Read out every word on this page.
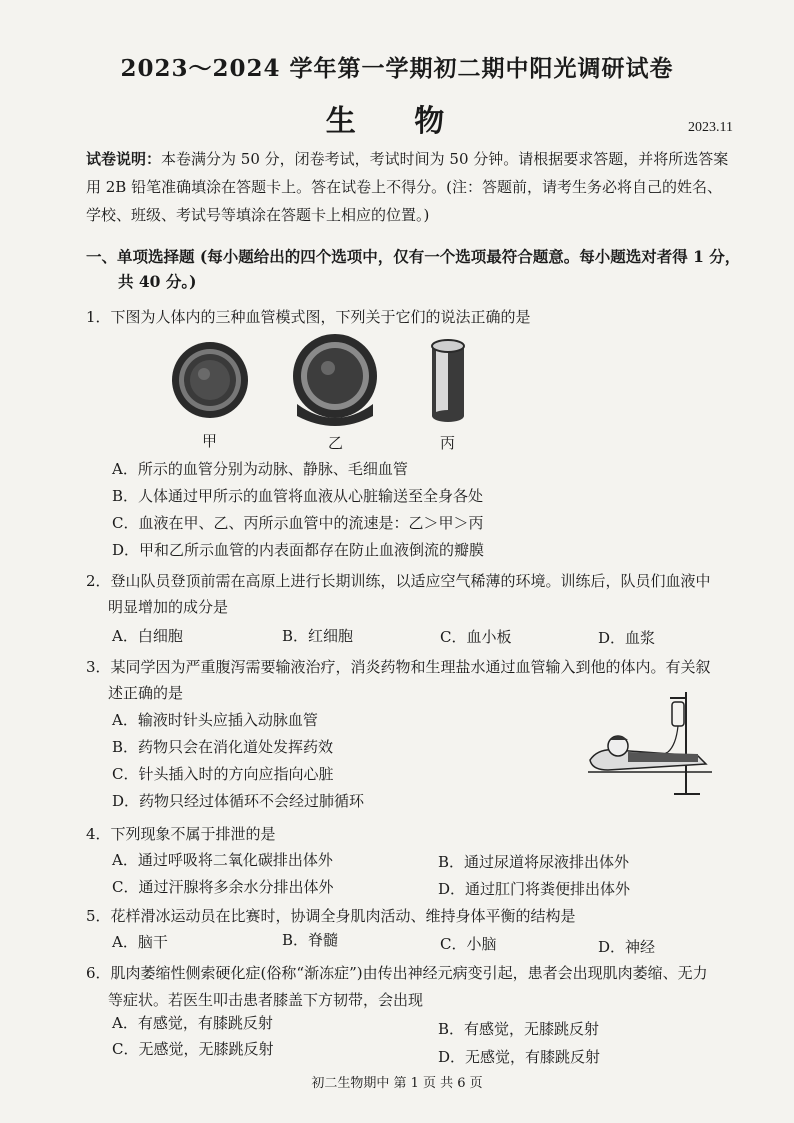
2023～2024 学年第一学期初二期中阳光调研试卷
生 物	2023.11
试卷说明：本卷满分为 50 分，闭卷考试，考试时间为 50 分钟。请根据要求答题，并将所选答案
用 2B 铅笔准确填涂在答题卡上。答在试卷上不得分。(注：答题前，请考生务必将自己的姓名、
学校、班级、考试号等填涂在答题卡上相应的位置。)
一、单项选择题 (每小题给出的四个选项中，仅有一个选项最符合题意。每小题选对者得 1 分，
共 40 分。)
1．下图为人体内的三种血管模式图，下列关于它们的说法正确的是
甲	乙	丙
A．所示的血管分别为动脉、静脉、毛细血管
B．人体通过甲所示的血管将血液从心脏输送至全身各处
C．血液在甲、乙、丙所示血管中的流速是：乙＞甲＞丙
D．甲和乙所示血管的内表面都存在防止血液倒流的瓣膜
2．登山队员登顶前需在高原上进行长期训练，以适应空气稀薄的环境。训练后，队员们血液中
明显增加的成分是
A．白细胞	B．红细胞	C．血小板	D．血浆
3．某同学因为严重腹泻需要输液治疗，消炎药物和生理盐水通过血管输入到他的体内。有关叙
述正确的是
A．输液时针头应插入动脉血管
B．药物只会在消化道处发挥药效
C．针头插入时的方向应指向心脏
D．药物只经过体循环不会经过肺循环
4．下列现象不属于排泄的是
A．通过呼吸将二氧化碳排出体外	B．通过尿道将尿液排出体外
C．通过汗腺将多余水分排出体外	D．通过肛门将粪便排出体外
5．花样滑冰运动员在比赛时，协调全身肌肉活动、维持身体平衡的结构是
A．脑干	B．脊髓	C．小脑	D．神经
6．肌肉萎缩性侧索硬化症(俗称“渐冻症”)由传出神经元病变引起，患者会出现肌肉萎缩、无力
等症状。若医生叩击患者膝盖下方韧带，会出现
A．有感觉，有膝跳反射	B．有感觉，无膝跳反射
C．无感觉，无膝跳反射	D．无感觉，有膝跳反射
初二生物期中 第 1 页 共 6 页
